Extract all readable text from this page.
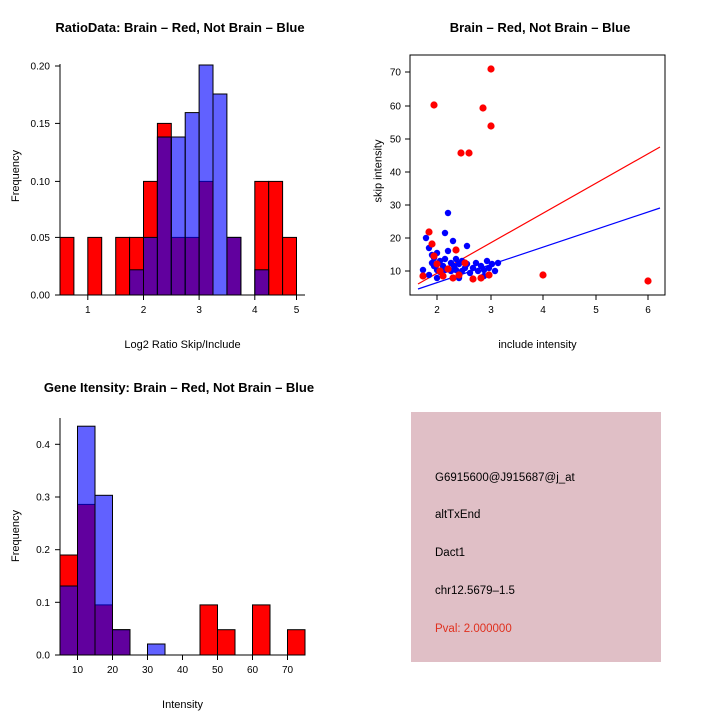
RatioData: Brain – Red, Not Brain – Blue
1	2	3	4	5
0.00
0.05
0.10
0.15
0.20
Log2 Ratio Skip/Include
Frequency
Brain – Red, Not Brain – Blue
2	3	4	5	6
10
20
30
40
50
60
70
include intensity
skip intensity
Gene Itensity: Brain – Red, Not Brain – Blue
10 20 30 40 50 60 70
0.0
0.1
0.2
0.3
0.4
Intensity
Frequency
G6915600@J915687@j_at
altTxEnd
Dact1
chr12.5679–1.5
Pval: 2.000000
